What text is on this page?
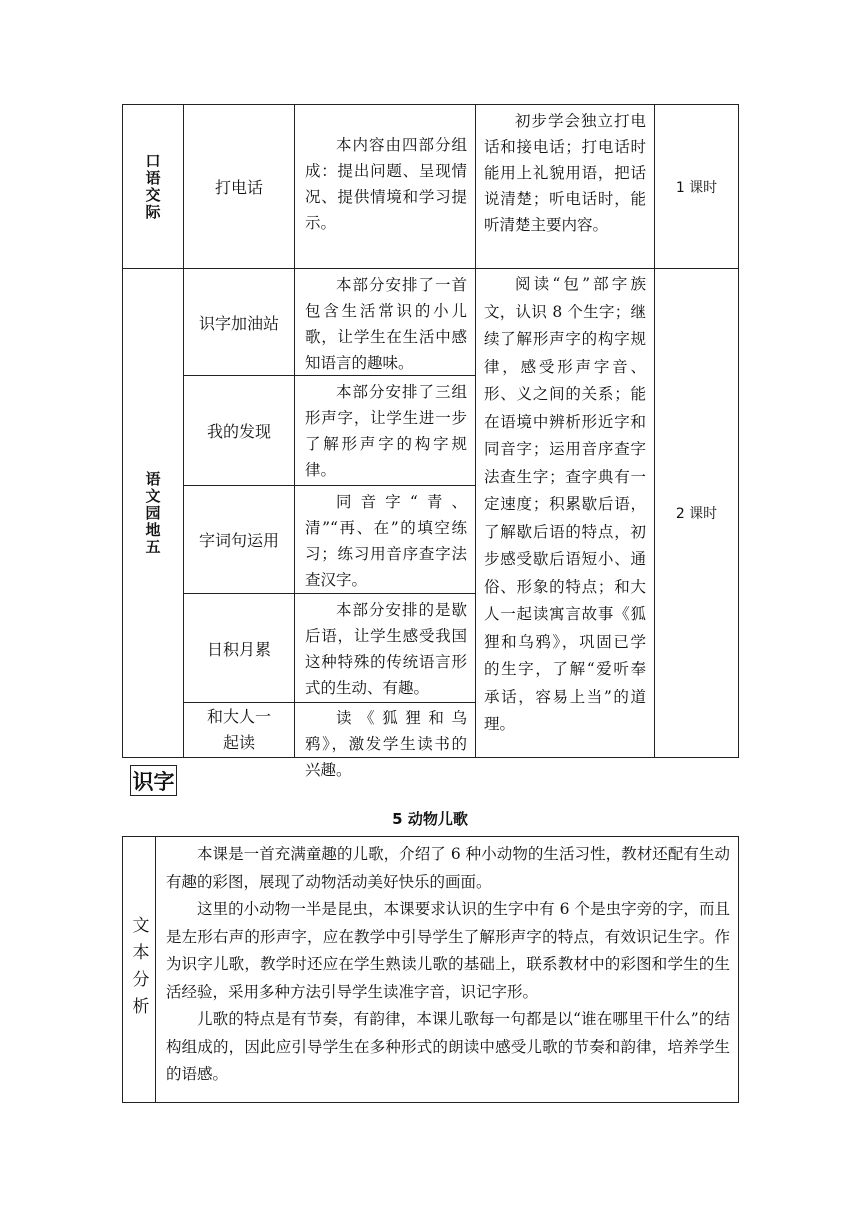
口语交际	打电话
本内容由四部分组成：提出问题、呈现情况、提供情境和学习提示。
初步学会独立打电话和接电话；打电话时能用上礼貌用语，把话说清楚；听电话时，能听清楚主要内容。
1 课时
语文园地五
识字加油站
本部分安排了一首包含生活常识的小儿歌，让学生在生活中感知语言的趣味。
我的发现
本部分安排了三组形声字，让学生进一步了解形声字的构字规律。
字词句运用
同音字“青、清”“再、在”的填空练习；练习用音序查字法查汉字。
日积月累
本部分安排的是歇后语，让学生感受我国这种特殊的传统语言形式的生动、有趣。
和大人一起读
读《狐狸和乌鸦》，激发学生读书的兴趣。
阅读“包”部字族文，认识 8 个生字；继续了解形声字的构字规律，感受形声字音、形、义之间的关系；能在语境中辨析形近字和同音字；运用音序查字法查生字；查字典有一定速度；积累歇后语，了解歇后语的特点，初步感受歇后语短小、通俗、形象的特点；和大人一起读寓言故事《狐狸和乌鸦》，巩固已学的生字，了解“爱听奉承话，容易上当”的道理。
2 课时
识字
5 动物儿歌
文本分析

本课是一首充满童趣的儿歌，介绍了 6 种小动物的生活习性，教材还配有生动有趣的彩图，展现了动物活动美好快乐的画面。

这里的小动物一半是昆虫，本课要求认识的生字中有 6 个是虫字旁的字，而且是左形右声的形声字，应在教学中引导学生了解形声字的特点，有效识记生字。作为识字儿歌，教学时还应在学生熟读儿歌的基础上，联系教材中的彩图和学生的生活经验，采用多种方法引导学生读准字音，识记字形。

儿歌的特点是有节奏，有韵律，本课儿歌每一句都是以“谁在哪里干什么”的结构组成的，因此应引导学生在多种形式的朗读中感受儿歌的节奏和韵律，培养学生的语感。
